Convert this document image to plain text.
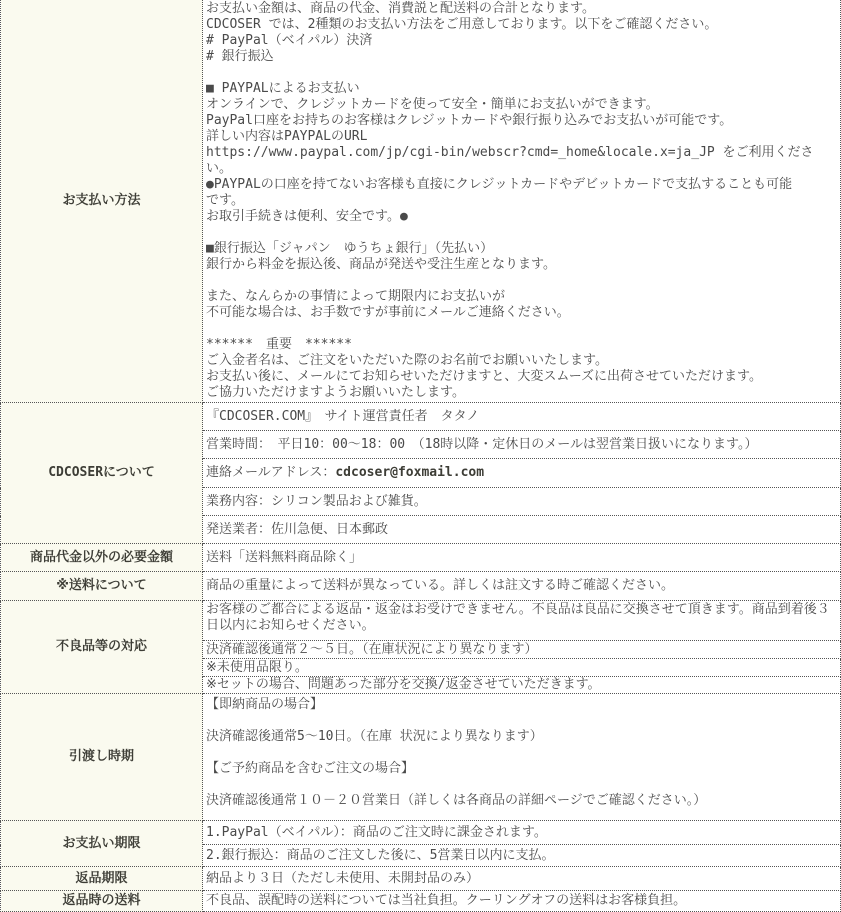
お支払い方法	お支払い金額は、商品の代金、消費説と配送料の合計となります。
CDCOSER では、2種類のお支払い方法をご用意しております。以下をご確認ください。
# PayPal（ベイパル）決済
# 銀行振込

■ PAYPALによるお支払い
オンラインで、クレジットカードを使って安全・簡単にお支払いができます。
PayPal口座をお持ちのお客様はクレジットカードや銀行振り込みでお支払いが可能です。
詳しい内容はPAYPALのURL
https://www.paypal.com/jp/cgi-bin/webscr?cmd=_home&locale.x=ja_JP をご利用ください。
●PAYPALの口座を持てないお客様も直接にクレジットカードやデビットカードで支払することも可能
です。
お取引手続きは便利、安全です。●

■銀行振込「ジャパン　ゆうちょ銀行」（先払い）
銀行から料金を振込後、商品が発送や受注生産となります。

また、なんらかの事情によって期限内にお支払いが
不可能な場合は、お手数ですが事前にメールご連絡ください。

******　重要　******
ご入金者名は、ご注文をいただいた際のお名前でお願いいたします。
お支払い後に、メールにてお知らせいただけますと、大変スムーズに出荷させていただけます。
ご協力いただけますようお願いいたします。
CDCOSERについて	『CDCOSER.COM』　サイト運営責任者　タタノ
	営業時間：　平日10：00〜18：00　（18時以降・定休日のメールは翌営業日扱いになります。）
	連絡メールアドレス：cdcoser@foxmail.com
	業務内容：シリコン製品および雑貨。
	発送業者：佐川急便、日本郵政
商品代金以外の必要金額	送料「送料無料商品除く」
※送料について	商品の重量によって送料が異なっている。詳しくは註文する時ご確認ください。
不良品等の対応	お客様のご都合による返品・返金はお受けできません。不良品は良品に交換させて頂きます。商品到着後３日以内にお知らせください。
	決済確認後通常２〜５日。（在庫状況により異なります）
	※未使用品限り。
	※セットの場合、問題あった部分を交換/返金させていただきます。
引渡し時期	【即納商品の場合】

決済確認後通常5～10日。（在庫 状況により異なります）

【ご予約商品を含むご注文の場合】

決済確認後通常１０－２０営業日（詳しくは各商品の詳細ページでご確認ください。）
お支払い期限	1.PayPal（ベイパル）：商品のご注文時に課金されます。
	2.銀行振込：商品のご注文した後に、5営業日以内に支払。
返品期限	納品より３日（ただし未使用、未開封品のみ）
返品時の送料	不良品、誤配時の送料については当社負担。クーリングオフの送料はお客様負担。
